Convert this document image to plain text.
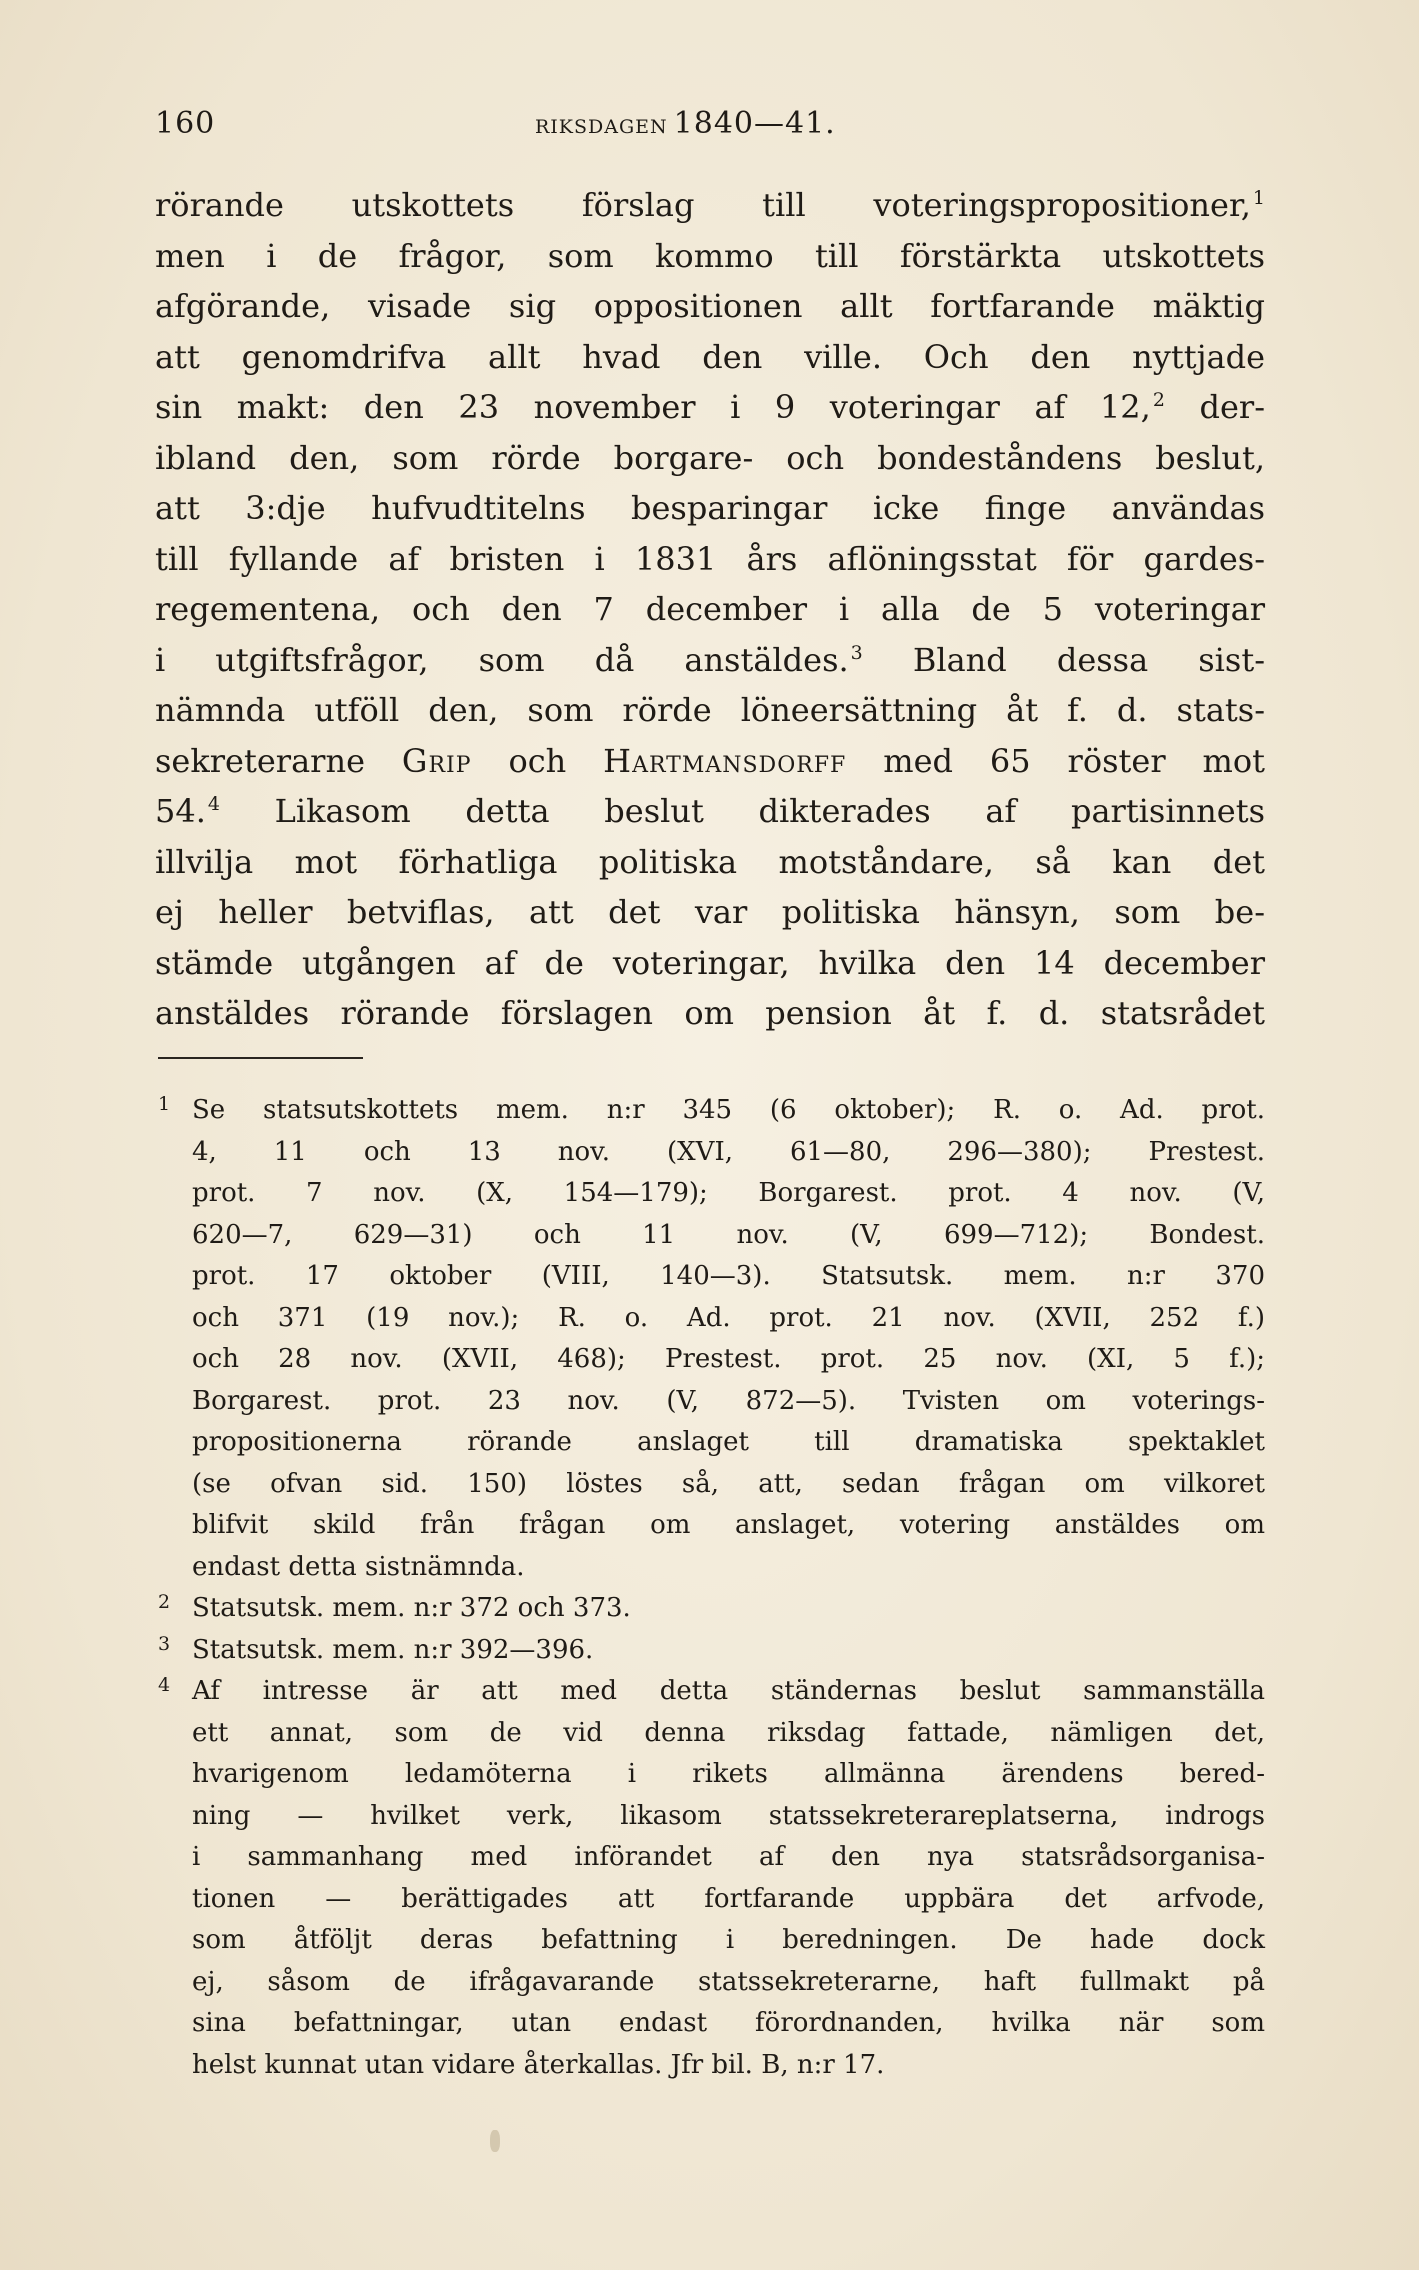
160	RIKSDAGEN 1840—41.
rörande utskottets förslag till voteringspropositioner, $^1$
men i de frågor, som kommo till förstärkta utskottets
afgörande, visade sig oppositionen allt fortfarande mäktig
att genomdrifva allt hvad den ville. Och den nyttjade
sin makt: den 23 november i 9 voteringar af 12, $^2$ der-
ibland den, som rörde borgare- och bondeståndens beslut,
att 3:dje hufvudtitelns besparingar icke finge användas
till fyllande af bristen i 1831 års aflöningsstat för gardes-
regementena, och den 7 december i alla de 5 voteringar
i utgiftsfrågor, som då anstäldes. $^3$ Bland dessa sist-
nämnda utföll den, som rörde löneersättning åt f. d. stats-
sekreterarne Grip och Hartmansdorff med 65 röster mot
54. $^4$ Likasom detta beslut dikterades af partisinnets
illvilja mot förhatliga politiska motståndare, så kan det
ej heller betviflas, att det var politiska hänsyn, som be-
stämde utgången af de voteringar, hvilka den 14 december
anstäldes rörande förslagen om pension åt f. d. statsrådet
1 Se statsutskottets mem. n:r 345 (6 oktober); R. o. Ad. prot.
4, 11 och 13 nov. (XVI, 61—80, 296—380); Prestest.
prot. 7 nov. (X, 154—179); Borgarest. prot. 4 nov. (V,
620—7, 629—31) och 11 nov. (V, 699—712); Bondest.
prot. 17 oktober (VIII, 140—3). Statsutsk. mem. n:r 370
och 371 (19 nov.); R. o. Ad. prot. 21 nov. (XVII, 252 f.)
och 28 nov. (XVII, 468); Prestest. prot. 25 nov. (XI, 5 f.);
Borgarest. prot. 23 nov. (V, 872—5). Tvisten om voterings-
propositionerna rörande anslaget till dramatiska spektaklet
(se ofvan sid. 150) löstes så, att, sedan frågan om vilkoret
blifvit skild från frågan om anslaget, votering anstäldes om
endast detta sistnämnda.
2 Statsutsk. mem. n:r 372 och 373.
3 Statsutsk. mem. n:r 392—396.
4 Af intresse är att med detta ständernas beslut sammanställa
ett annat, som de vid denna riksdag fattade, nämligen det,
hvarigenom ledamöterna i rikets allmänna ärendens bered-
ning — hvilket verk, likasom statssekreterareplatserna, indrogs
i sammanhang med införandet af den nya statsrådsorganisa-
tionen — berättigades att fortfarande uppbära det arfvode,
som åtföljt deras befattning i beredningen. De hade dock
ej, såsom de ifrågavarande statssekreterarne, haft fullmakt på
sina befattningar, utan endast förordnanden, hvilka när som
helst kunnat utan vidare återkallas. Jfr bil. B, n:r 17.
